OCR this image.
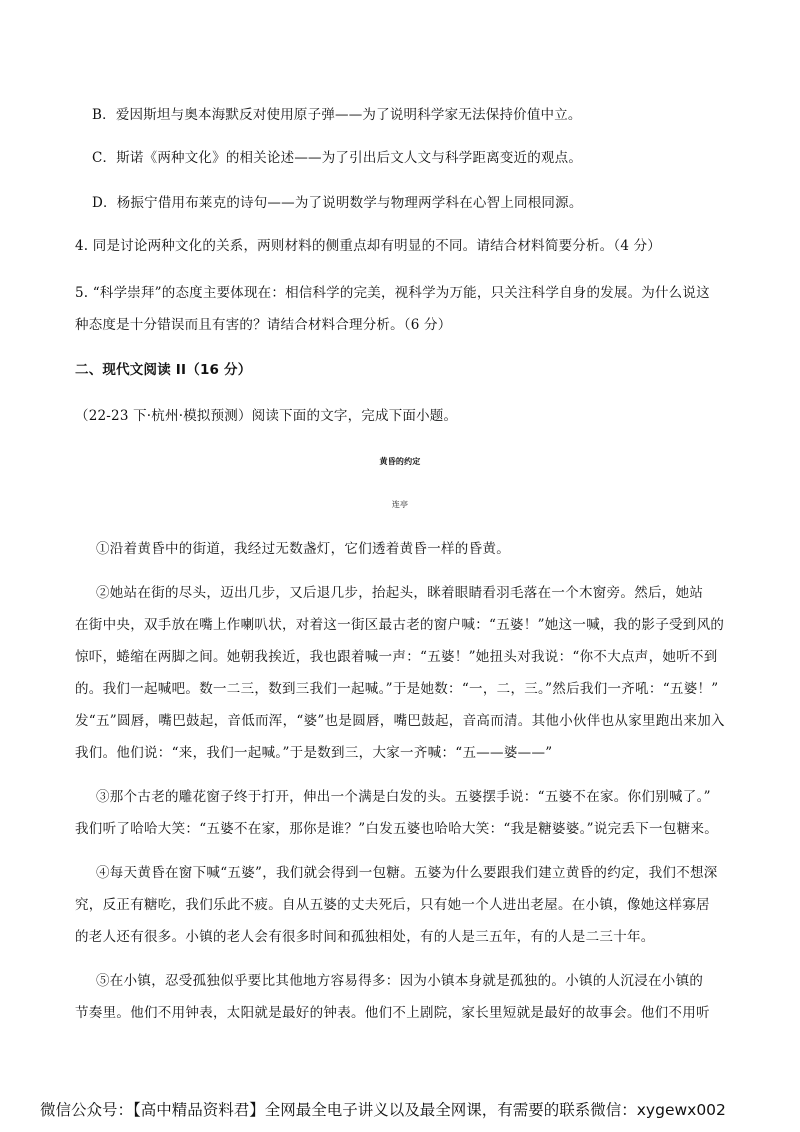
B．爱因斯坦与奥本海默反对使用原子弹——为了说明科学家无法保持价值中立。
C．斯诺《两种文化》的相关论述——为了引出后文人文与科学距离变近的观点。
D．杨振宁借用布莱克的诗句——为了说明数学与物理两学科在心智上同根同源。
4. 同是讨论两种文化的关系，两则材料的侧重点却有明显的不同。请结合材料简要分析。（4 分）
5. “科学崇拜”的态度主要体现在：相信科学的完美，视科学为万能，只关注科学自身的发展。为什么说这
种态度是十分错误而且有害的？请结合材料合理分析。（6 分）
二、现代文阅读 II（16 分）
（22-23 下·杭州·模拟预测）阅读下面的文字，完成下面小题。
黄昏的约定
连亭
①沿着黄昏中的街道，我经过无数盏灯，它们透着黄昏一样的昏黄。
②她站在街的尽头，迈出几步，又后退几步，抬起头，眯着眼睛看羽毛落在一个木窗旁。然后，她站
在街中央，双手放在嘴上作喇叭状，对着这一街区最古老的窗户喊：“五婆！”她这一喊，我的影子受到风的
惊吓，蜷缩在两脚之间。她朝我挨近，我也跟着喊一声：“五婆！”她扭头对我说：“你不大点声，她听不到
的。我们一起喊吧。数一二三，数到三我们一起喊。”于是她数：“一，二，三。”然后我们一齐吼：“五婆！”
发“五”圆唇，嘴巴鼓起，音低而浑，“婆”也是圆唇，嘴巴鼓起，音高而清。其他小伙伴也从家里跑出来加入
我们。他们说：“来，我们一起喊。”于是数到三，大家一齐喊：“五——婆——”
③那个古老的雕花窗子终于打开，伸出一个满是白发的头。五婆摆手说：“五婆不在家。你们别喊了。”
我们听了哈哈大笑：“五婆不在家，那你是谁？”白发五婆也哈哈大笑：“我是糖婆婆。”说完丢下一包糖来。
④每天黄昏在窗下喊“五婆”，我们就会得到一包糖。五婆为什么要跟我们建立黄昏的约定，我们不想深
究，反正有糖吃，我们乐此不疲。自从五婆的丈夫死后，只有她一个人进出老屋。在小镇，像她这样寡居
的老人还有很多。小镇的老人会有很多时间和孤独相处，有的人是三五年，有的人是二三十年。
⑤在小镇，忍受孤独似乎要比其他地方容易得多：因为小镇本身就是孤独的。小镇的人沉浸在小镇的
节奏里。他们不用钟表，太阳就是最好的钟表。他们不上剧院，家长里短就是最好的故事会。他们不用听
微信公众号：【高中精品资料君】全网最全电子讲义以及最全网课，有需要的联系微信：xygewx002
